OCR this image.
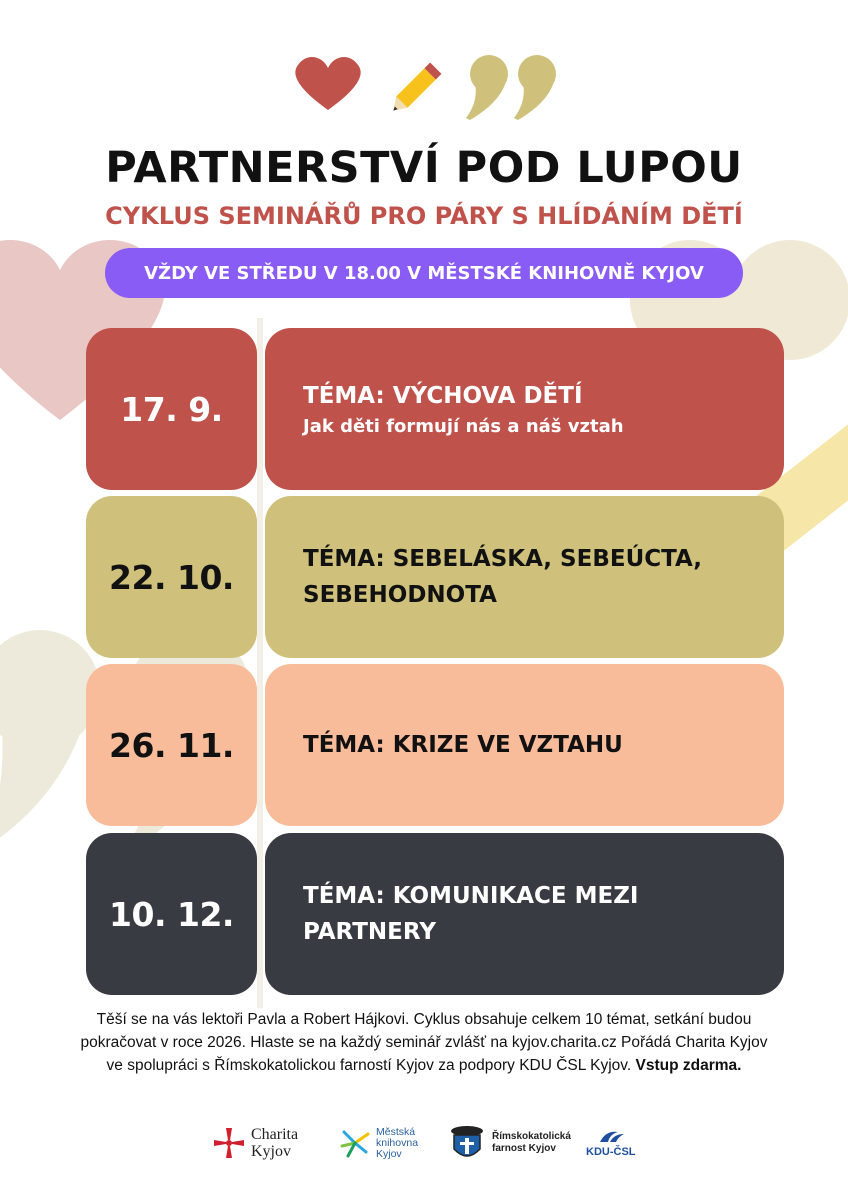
PARTNERSTVÍ POD LUPOU

CYKLUS SEMINÁŘŮ PRO PÁRY S HLÍDÁNÍM DĚTÍ

VŽDY VE STŘEDU V 18.00 V MĚSTSKÉ KNIHOVNĚ KYJOV
17. 9.	TÉMA: VÝCHOVA DĚTÍ
Jak děti formují nás a náš vztah
22. 10.	TÉMA: SEBELÁSKA, SEBEÚCTA, SEBEHODNOTA
26. 11.	TÉMA: KRIZE VE VZTAHU
10. 12.	TÉMA: KOMUNIKACE MEZI PARTNERY

Těší se na vás lektoři Pavla a Robert Hájkovi. Cyklus obsahuje celkem 10 témat, setkání budou pokračovat v roce 2026. Hlaste se na každý seminář zvlášť na kyjov.charita.cz Pořádá Charita Kyjov ve spolupráci s Římskokatolickou farností Kyjov za podpory KDU ČSL Kyjov. Vstup zdarma.

Charita
Kyjov
Městská
knihovna
Kyjov
Římskokatolická
farnost Kyjov	KDU-ČSL
